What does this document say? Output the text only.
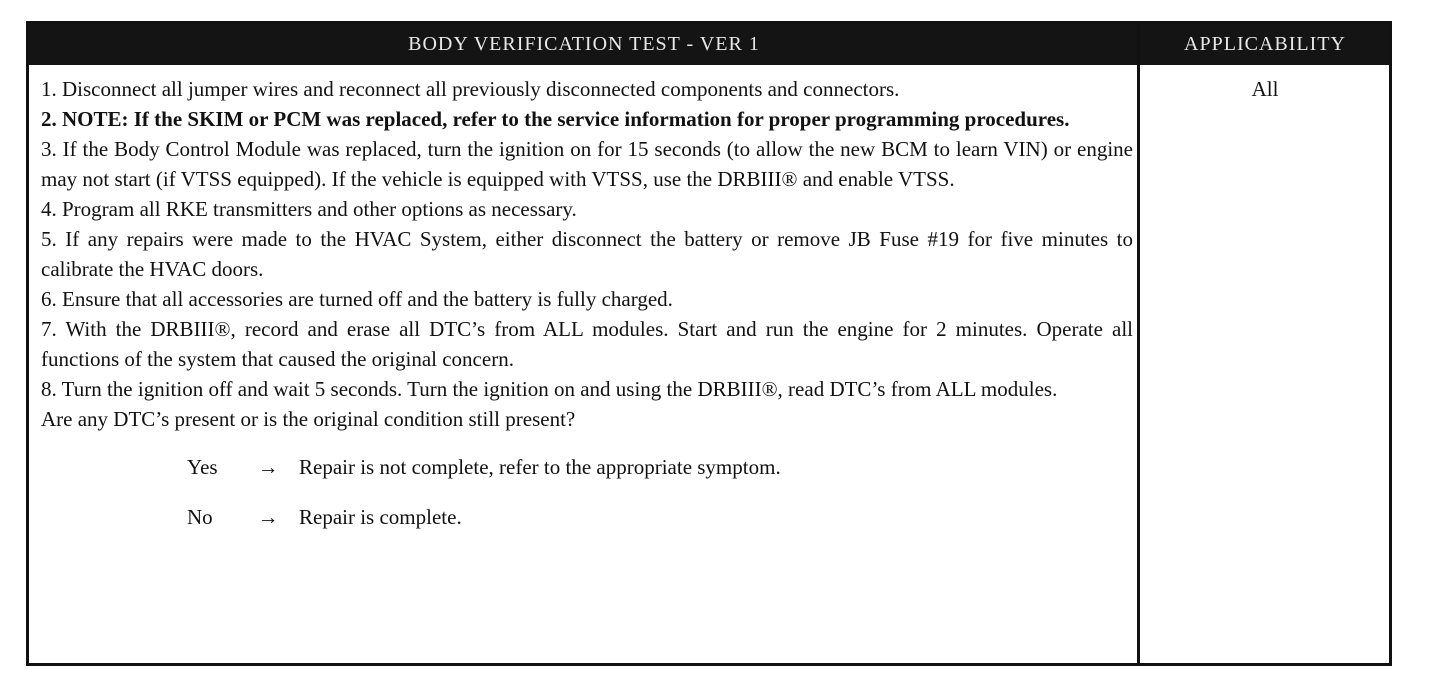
BODY VERIFICATION TEST - VER 1	APPLICABILITY

1. Disconnect all jumper wires and reconnect all previously disconnected components and connectors.

2. NOTE: If the SKIM or PCM was replaced, refer to the service information for proper programming procedures.

3. If the Body Control Module was replaced, turn the ignition on for 15 seconds (to allow the new BCM to learn VIN) or engine may not start (if VTSS equipped). If the vehicle is equipped with VTSS, use the DRBIII® and enable VTSS.

4. Program all RKE transmitters and other options as necessary.

5. If any repairs were made to the HVAC System, either disconnect the battery or remove JB Fuse #19 for five minutes to calibrate the HVAC doors.

6. Ensure that all accessories are turned off and the battery is fully charged.

7. With the DRBIII®, record and erase all DTC’s from ALL modules. Start and run the engine for 2 minutes. Operate all functions of the system that caused the original concern.

8. Turn the ignition off and wait 5 seconds. Turn the ignition on and using the DRBIII®, read DTC’s from ALL modules.

Are any DTC’s present or is the original condition still present?

Yes	→ Repair is not complete, refer to the appropriate symptom.
No	→ Repair is complete.
All
